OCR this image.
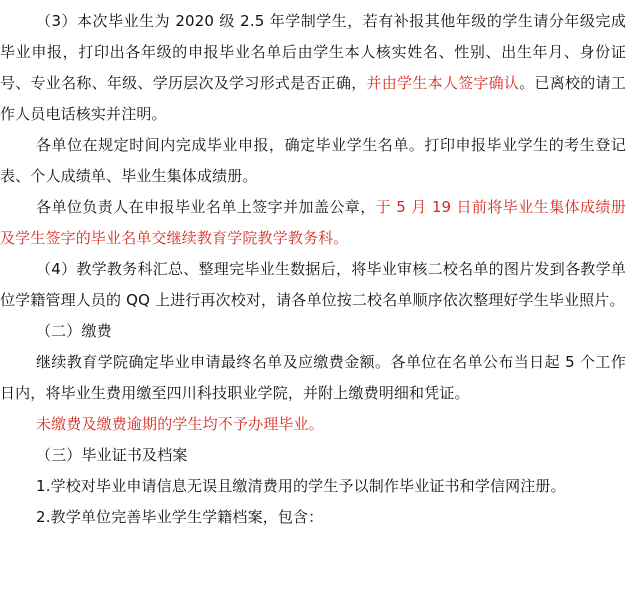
（3）本次毕业生为 2020 级 2.5 年学制学生，若有补报其他年级的学生请分年级完成毕业申报，打印出各年级的申报毕业名单后由学生本人核实姓名、性别、出生年月、身份证号、专业名称、年级、学历层次及学习形式是否正确，并由学生本人签字确认。已离校的请工作人员电话核实并注明。

各单位在规定时间内完成毕业申报，确定毕业学生名单。打印申报毕业学生的考生登记表、个人成绩单、毕业生集体成绩册。

各单位负责人在申报毕业名单上签字并加盖公章，于 5 月 19 日前将毕业生集体成绩册及学生签字的毕业名单交继续教育学院教学教务科。

（4）教学教务科汇总、整理完毕业生数据后，将毕业审核二校名单的图片发到各教学单位学籍管理人员的 QQ 上进行再次校对，请各单位按二校名单顺序依次整理好学生毕业照片。

（二）缴费

继续教育学院确定毕业申请最终名单及应缴费金额。各单位在名单公布当日起 5 个工作日内，将毕业生费用缴至四川科技职业学院，并附上缴费明细和凭证。

未缴费及缴费逾期的学生均不予办理毕业。

（三）毕业证书及档案

1.学校对毕业申请信息无误且缴清费用的学生予以制作毕业证书和学信网注册。

2.教学单位完善毕业学生学籍档案，包含：
